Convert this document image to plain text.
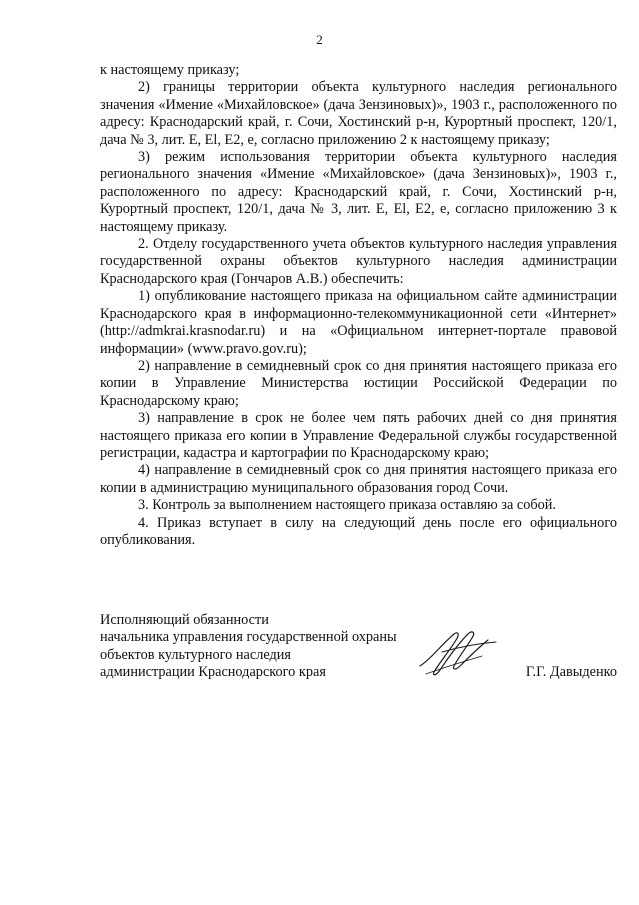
2

к настоящему приказу;

2) границы территории объекта культурного наследия регионального значения «Имение «Михайловское» (дача Зензиновых)», 1903 г., расположенного по адресу: Краснодарский край, г. Сочи, Хостинский р-н, Курортный проспект, 120/1, дача № 3, лит. Е, El, Е2, е, согласно приложению 2 к настоящему приказу;

3) режим использования территории объекта культурного наследия регионального значения «Имение «Михайловское» (дача Зензиновых)», 1903 г., расположенного по адресу: Краснодарский край, г. Сочи, Хостинский р-н, Курортный проспект, 120/1, дача № 3, лит. Е, El, Е2, е, согласно приложению 3 к настоящему приказу.

2. Отделу государственного учета объектов культурного наследия управления государственной охраны объектов культурного наследия администрации Краснодарского края (Гончаров А.В.) обеспечить:

1) опубликование настоящего приказа на официальном сайте администрации Краснодарского края в информационно-телекоммуникационной сети «Интернет» (http://admkrai.krasnodar.ru) и на «Официальном интернет-портале правовой информации» (www.pravo.gov.ru);

2) направление в семидневный срок со дня принятия настоящего приказа его копии в Управление Министерства юстиции Российской Федерации по Краснодарскому краю;

3) направление в срок не более чем пять рабочих дней со дня принятия настоящего приказа его копии в Управление Федеральной службы государственной регистрации, кадастра и картографии по Краснодарскому краю;

4) направление в семидневный срок со дня принятия настоящего приказа его копии в администрацию муниципального образования город Сочи.

3. Контроль за выполнением настоящего приказа оставляю за собой.

4. Приказ вступает в силу на следующий день после его официального опубликования.

Исполняющий обязанности
начальника управления государственной охраны
объектов культурного наследия
администрации Краснодарского края	Г.Г. Давыденко
